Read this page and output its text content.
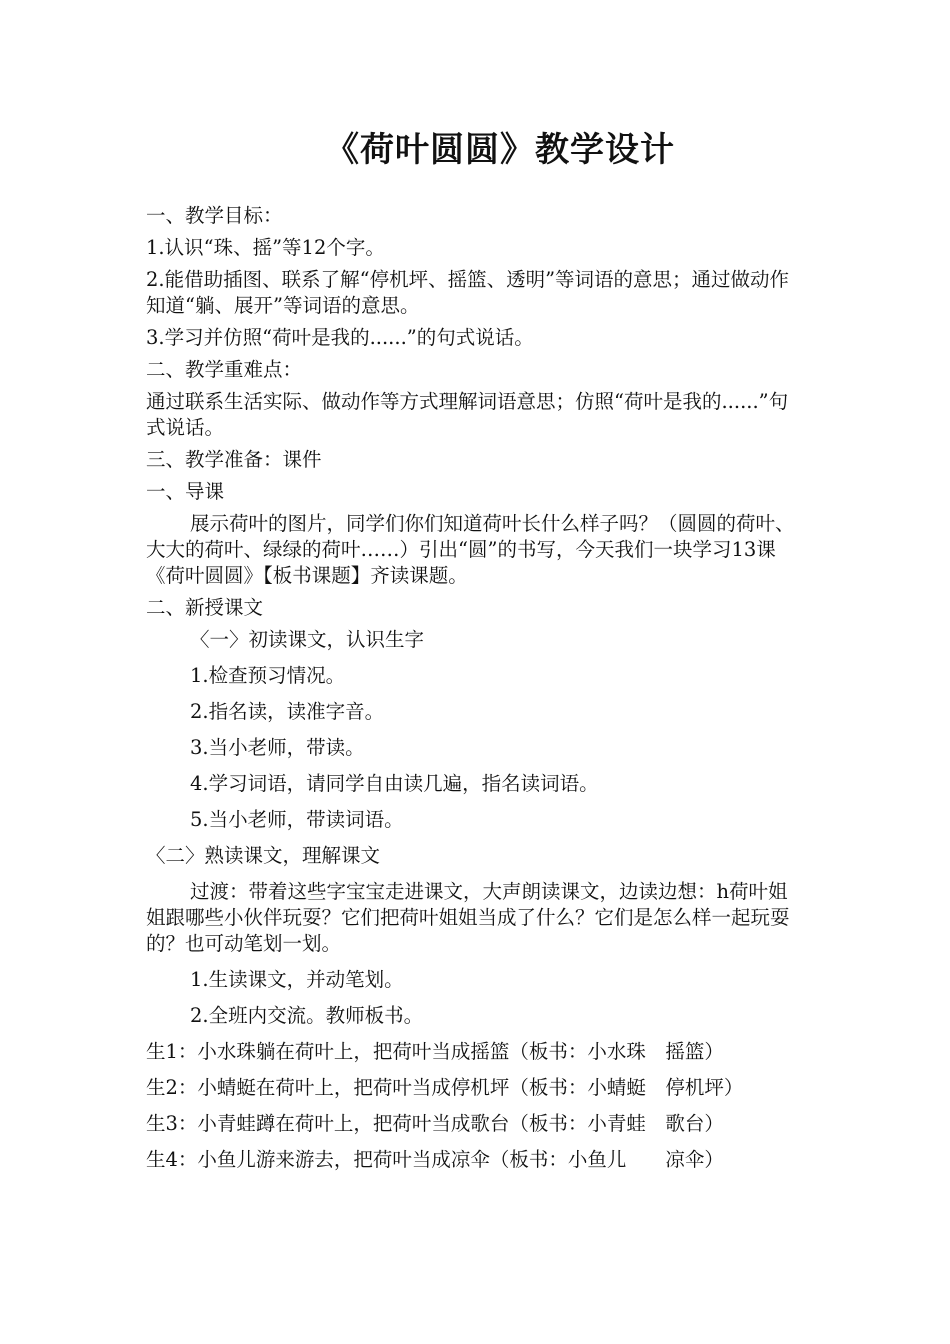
《荷叶圆圆》教学设计

一、教学目标：

1.认识“珠、摇”等12个字。

2.能借助插图、联系了解“停机坪、摇篮、透明”等词语的意思；通过做动作知道“躺、展开”等词语的意思。

3.学习并仿照“荷叶是我的......”的句式说话。

二、教学重难点：

通过联系生活实际、做动作等方式理解词语意思；仿照“荷叶是我的......”句式说话。

三、教学准备：课件

一、导课

展示荷叶的图片，同学们你们知道荷叶长什么样子吗？（圆圆的荷叶、大大的荷叶、绿绿的荷叶……）引出“圆”的书写，今天我们一块学习13课《荷叶圆圆》【板书课题】齐读课题。

二、新授课文

〈一〉初读课文，认识生字

1.检查预习情况。

2.指名读，读准字音。

3.当小老师，带读。

4.学习词语，请同学自由读几遍，指名读词语。

5.当小老师，带读词语。

〈二〉熟读课文，理解课文

过渡：带着这些字宝宝走进课文，大声朗读课文，边读边想：h荷叶姐姐跟哪些小伙伴玩耍？它们把荷叶姐姐当成了什么？它们是怎么样一起玩耍的？也可动笔划一划。

1.生读课文，并动笔划。

2.全班内交流。教师板书。

生1：小水珠躺在荷叶上，把荷叶当成摇篮（板书：小水珠　摇篮）

生2：小蜻蜓在荷叶上，把荷叶当成停机坪（板书：小蜻蜓　停机坪）

生3：小青蛙蹲在荷叶上，把荷叶当成歌台（板书：小青蛙　歌台）

生4：小鱼儿游来游去，把荷叶当成凉伞（板书：小鱼儿　　凉伞）
